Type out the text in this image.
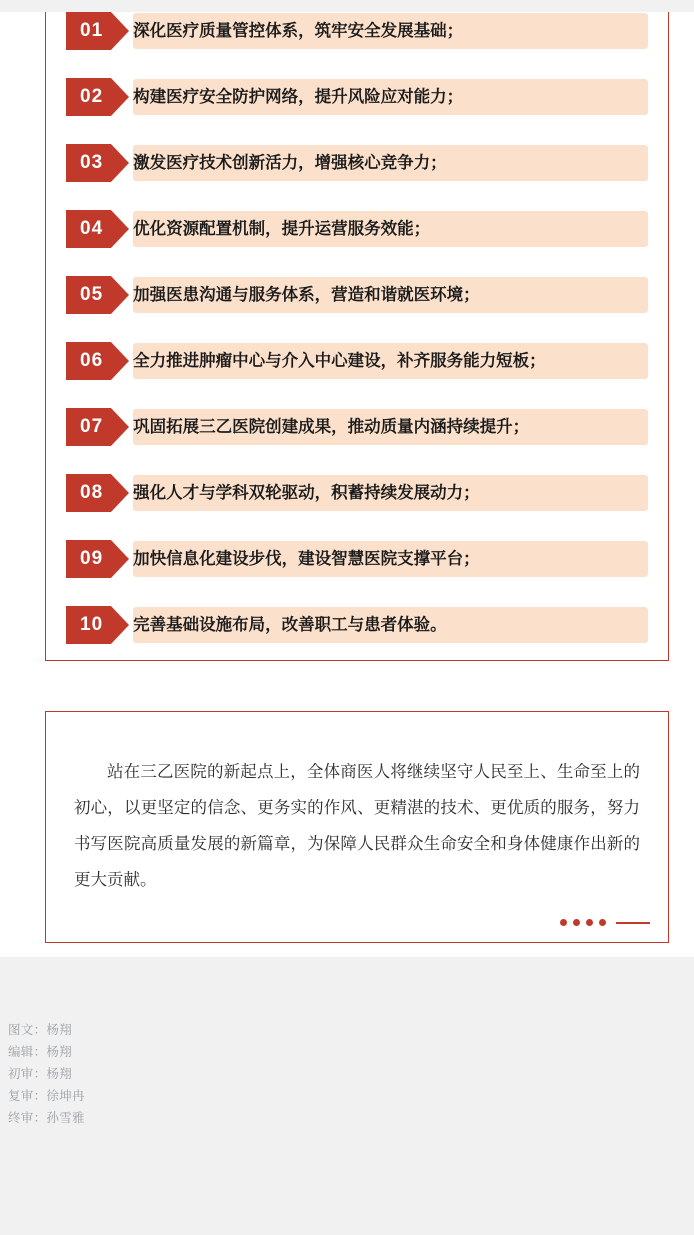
01	深化医疗质量管控体系，筑牢安全发展基础；
02	构建医疗安全防护网络，提升风险应对能力；
03	激发医疗技术创新活力，增强核心竞争力；
04	优化资源配置机制，提升运营服务效能；
05	加强医患沟通与服务体系，营造和谐就医环境；
06	全力推进肿瘤中心与介入中心建设，补齐服务能力短板；
07	巩固拓展三乙医院创建成果，推动质量内涵持续提升；
08	强化人才与学科双轮驱动，积蓄持续发展动力；
09	加快信息化建设步伐，建设智慧医院支撑平台；
10	完善基础设施布局，改善职工与患者体验。
站在三乙医院的新起点上，全体商医人将继续坚守人民至上、生命至上的初心，以更坚定的信念、更务实的作风、更精湛的技术、更优质的服务，努力书写医院高质量发展的新篇章，为保障人民群众生命安全和身体健康作出新的更大贡献。
图文：杨翔
编辑：杨翔
初审：杨翔
复审：徐坤冉
终审：孙雪雅
